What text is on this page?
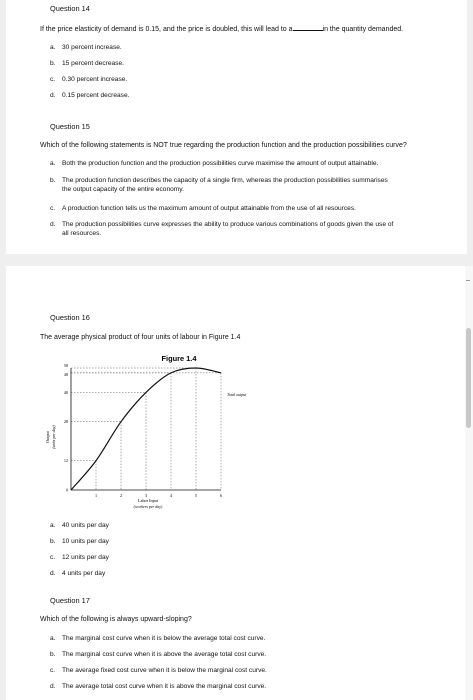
Question 14
If the price elasticity of demand is 0.15, and the price is doubled, this will lead to a	in the quantity demanded.
a. 30 percent increase.
b. 15 percent decrease.
c. 0.30 percent increase.
d. 0.15 percent decrease.
Question 15
Which of the following statements is NOT true regarding the production function and the production possibilities curve?
a. Both the production function and the production possibilities curve maximise the amount of output attainable.
b. The production function describes the capacity of a single firm, whereas the production possibilities summarises
the output capacity of the entire economy.
c. A production function tells us the maximum amount of output attainable from the use of all resources.
d. The production possibilities curve expresses the ability to produce various combinations of goods given the use of
all resources.
Question 16
The average physical product of four units of labour in Figure 1.4
Figure 1.4
12
28
40
48
50
0
1	2	3	4	5	6
Total output
Labor Input
(workers per day)
Output (units per day)
a. 40 units per day
b. 10 units per day
c. 12 units per day
d. 4 units per day
Question 17
Which of the following is always upward-sloping?
a. The marginal cost curve when it is below the average total cost curve.
b. The marginal cost curve when it is above the average total cost curve.
c. The average fixed cost curve when it is below the marginal cost curve.
d. The average total cost curve when it is above the marginal cost curve.
